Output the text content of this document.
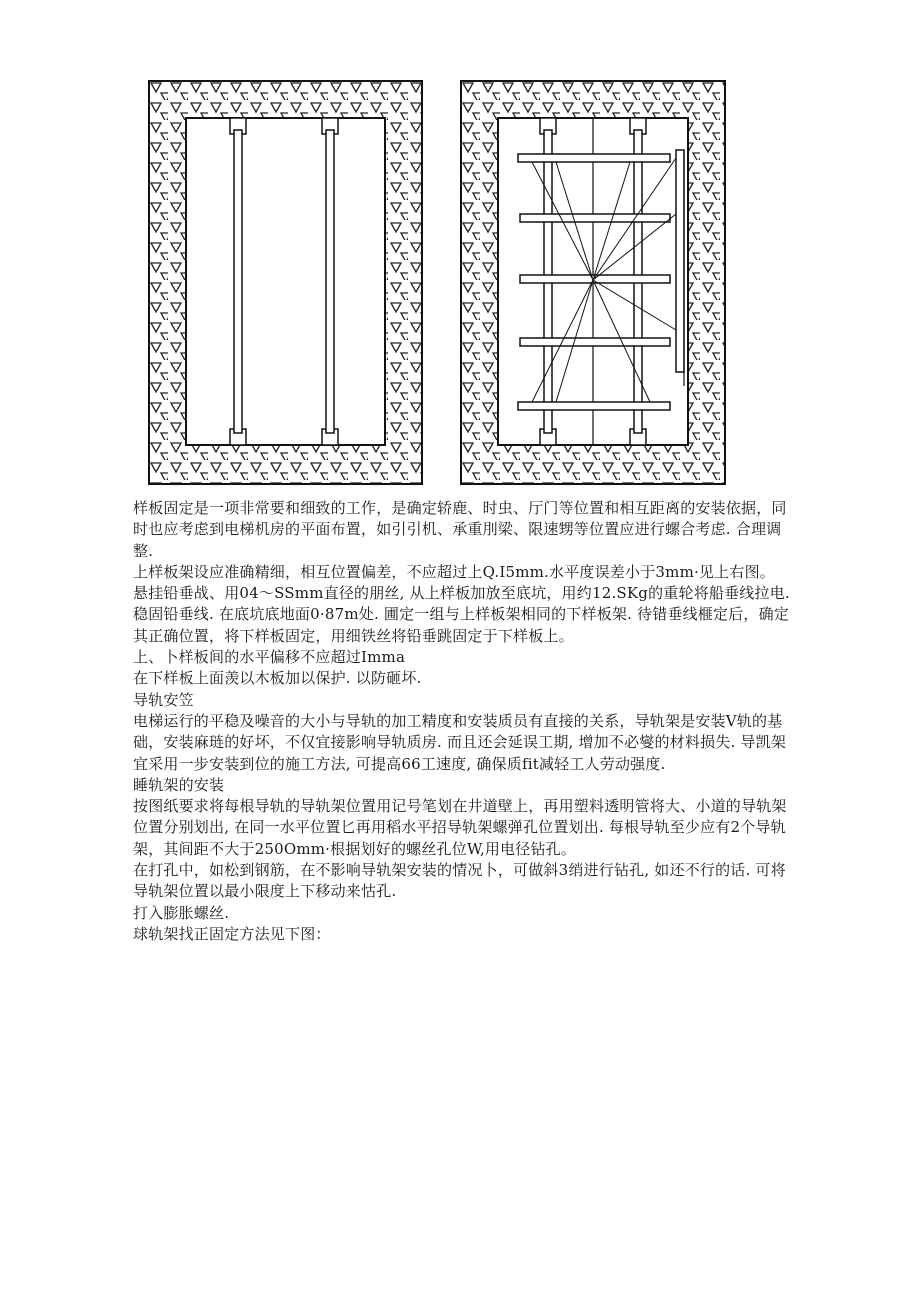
样板固定是一项非常要和细致的工作，是确定轿鹿、时虫、厅门等位置和相互距离的安装依据，同时也应考虑到电梯机房的平面布置，如引引机、承重刖梁、限速甥等位置应进行螺合考虑. 合理调整.

上样板架设应准确精细，相互位置偏差，不应超过上Q.I5mm.水平度误差小于3mm·见上右图。

悬挂铅垂战、用04〜SSmm直径的朋丝, 从上样板加放至底坑，用约12.SKg的重轮将船垂线拉电. 稳固铅垂线. 在底坑底地面0·87m处. 圃定一组与上样板架相同的下样板架. 待错垂线榧定后，确定其正确位置，将下样板固定，用细铁丝将铅垂跳固定于下样板上。

上、卜样板间的水平偏移不应超过Imma

在下样板上面羡以木板加以保护. 以防砸坏.

导轨安笠

电梯运行的平稳及噪音的大小与导轨的加工精度和安装质员有直接的关系，导轨架是安装V轨的基础，安装麻琏的好坏，不仅宜接影响导轨质房. 而且还会延误工期, 增加不必燮的材料损失. 导凯架宜采用一步安装到位的施工方法, 可提高66工速度, 确保质fit减轻工人劳动强度.

睡轨架的安装

按图纸要求将每根导轨的导轨架位置用记号笔划在井道壁上，再用塑料透明管将大、小道的导轨架位置分别划出, 在同一水平位置匕再用稻水平招导轨架螺弹孔位置划出. 每根导轨至少应有2个导轨架，其间距不大于250Omm·根据划好的螺丝孔位W,用电径钻孔。

在打孔中，如松到钢筋，在不影响导轨架安装的情况卜，可做斜3绡进行钻孔, 如还不行的话. 可将导轨架位置以最小限度上下移动来怙孔.

打入膨胀螺丝.

球轨架找正固定方法见下图：
